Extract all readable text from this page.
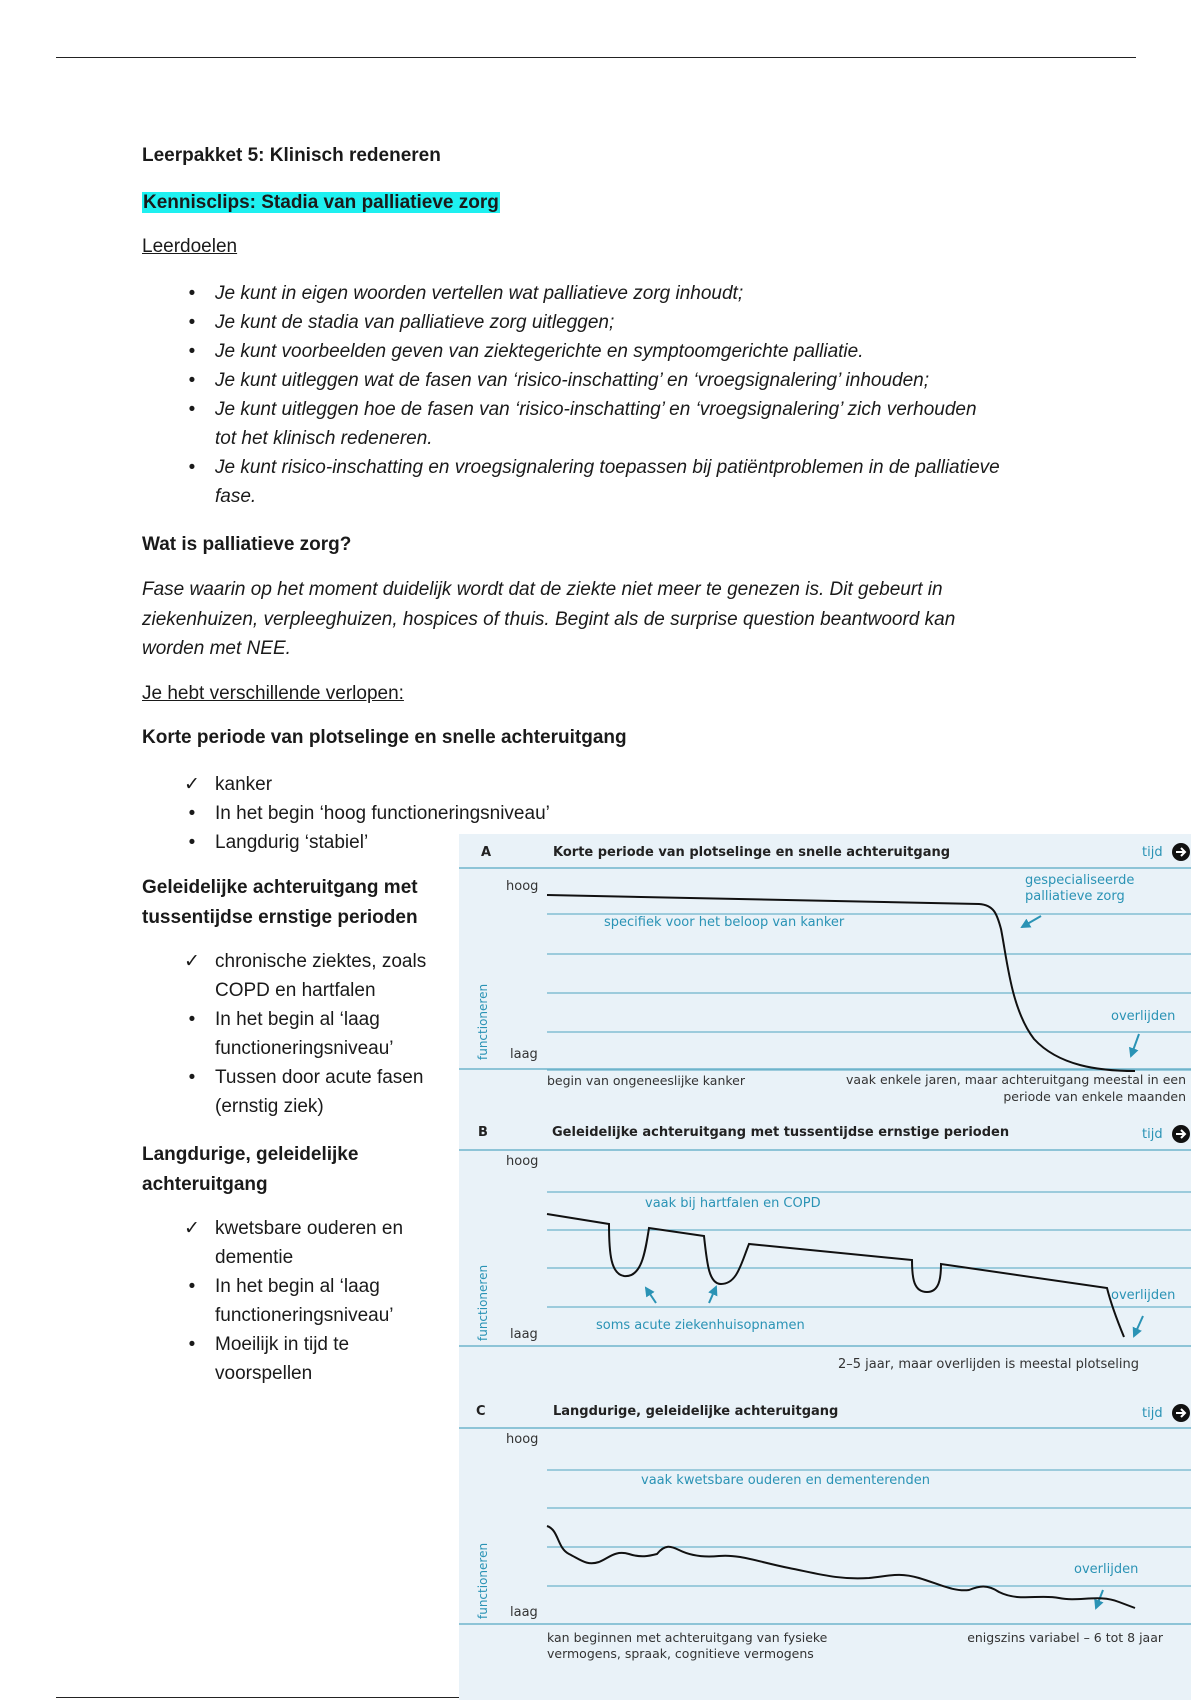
Leerpakket 5: Klinisch redeneren
Kennisclips: Stadia van palliatieve zorg
Leerdoelen
•	Je kunt in eigen woorden vertellen wat palliatieve zorg inhoudt;
•	Je kunt de stadia van palliatieve zorg uitleggen;
•	Je kunt voorbeelden geven van ziektegerichte en symptoomgerichte palliatie.
•	Je kunt uitleggen wat de fasen van ‘risico-inschatting’ en ‘vroegsignalering’ inhouden;
•	Je kunt uitleggen hoe de fasen van ‘risico-inschatting’ en ‘vroegsignalering’ zich verhouden
tot het klinisch redeneren.
•	Je kunt risico-inschatting en vroegsignalering toepassen bij patiëntproblemen in de palliatieve
fase.
Wat is palliatieve zorg?
Fase waarin op het moment duidelijk wordt dat de ziekte niet meer te genezen is. Dit gebeurt in
ziekenhuizen, verpleeghuizen, hospices of thuis. Begint als de surprise question beantwoord kan
worden met NEE.
Je hebt verschillende verlopen:
Korte periode van plotselinge en snelle achteruitgang
✓ kanker
•	In het begin ‘hoog functioneringsniveau’
•	Langdurig ‘stabiel’
Geleidelijke achteruitgang met
tussentijdse ernstige perioden
✓ chronische ziektes, zoals
COPD en hartfalen
•	In het begin al ‘laag
functioneringsniveau’
•	Tussen door acute fasen
(ernstig ziek)
Langdurige, geleidelijke
achteruitgang
✓ kwetsbare ouderen en
dementie
•	In het begin al ‘laag
functioneringsniveau’
•	Moeilijk in tijd te
voorspellen
A	Korte periode van plotselinge en snelle achteruitgang	tijd
hoog
laag
functioneren
specifiek voor het beloop van kanker
gespecialiseerde
palliatieve zorg
overlijden
begin van ongeneeslijke kanker	vaak enkele jaren, maar achteruitgang meestal in een
periode van enkele maanden
B	Geleidelijke achteruitgang met tussentijdse ernstige perioden	tijd
hoog
laag
functioneren
vaak bij hartfalen en COPD
soms acute ziekenhuisopnamen
overlijden
2–5 jaar, maar overlijden is meestal plotseling
C	Langdurige, geleidelijke achteruitgang	tijd
hoog
laag
functioneren
vaak kwetsbare ouderen en dementerenden
overlijden
kan beginnen met achteruitgang van fysieke
vermogens, spraak, cognitieve vermogens
enigszins variabel – 6 tot 8 jaar
